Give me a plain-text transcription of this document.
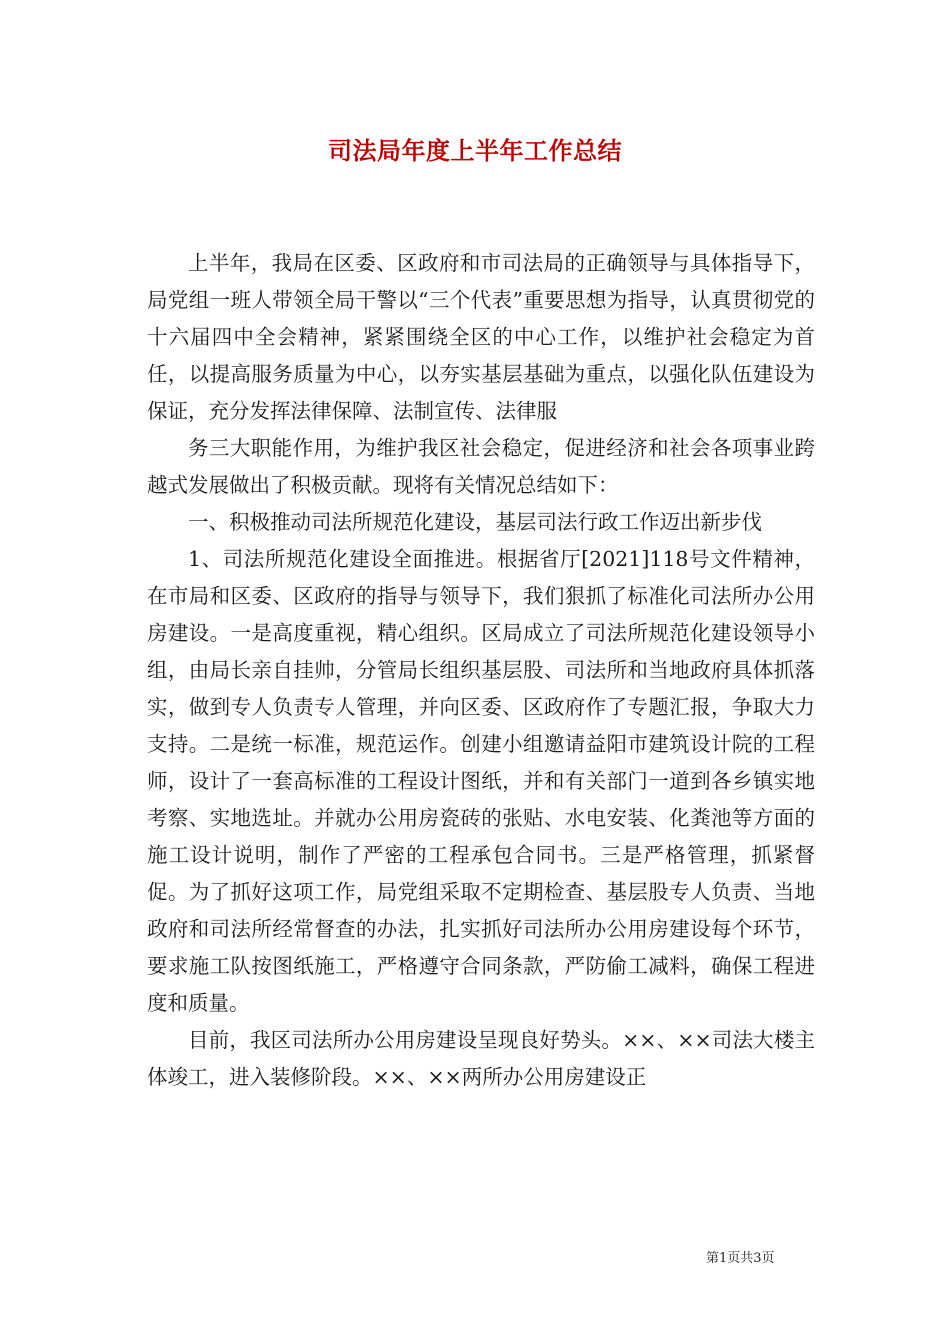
司法局年度上半年工作总结

上半年，我局在区委、区政府和市司法局的正确领导与具体指导下，局党组一班人带领全局干警以“三个代表”重要思想为指导，认真贯彻党的十六届四中全会精神，紧紧围绕全区的中心工作，以维护社会稳定为首任，以提高服务质量为中心，以夯实基层基础为重点，以强化队伍建设为保证，充分发挥法律保障、法制宣传、法律服

务三大职能作用，为维护我区社会稳定，促进经济和社会各项事业跨越式发展做出了积极贡献。现将有关情况总结如下：

一、积极推动司法所规范化建设，基层司法行政工作迈出新步伐

1、司法所规范化建设全面推进。根据省厅[2021]118号文件精神，在市局和区委、区政府的指导与领导下，我们狠抓了标准化司法所办公用房建设。一是高度重视，精心组织。区局成立了司法所规范化建设领导小组，由局长亲自挂帅，分管局长组织基层股、司法所和当地政府具体抓落实，做到专人负责专人管理，并向区委、区政府作了专题汇报，争取大力支持。二是统一标准，规范运作。创建小组邀请益阳市建筑设计院的工程师，设计了一套高标准的工程设计图纸，并和有关部门一道到各乡镇实地考察、实地选址。并就办公用房瓷砖的张贴、水电安装、化粪池等方面的施工设计说明，制作了严密的工程承包合同书。三是严格管理，抓紧督促。为了抓好这项工作，局党组采取不定期检查、基层股专人负责、当地政府和司法所经常督查的办法，扎实抓好司法所办公用房建设每个环节，要求施工队按图纸施工，严格遵守合同条款，严防偷工减料，确保工程进度和质量。

目前，我区司法所办公用房建设呈现良好势头。××、××司法大楼主体竣工，进入装修阶段。××、××两所办公用房建设正

第1页共3页
